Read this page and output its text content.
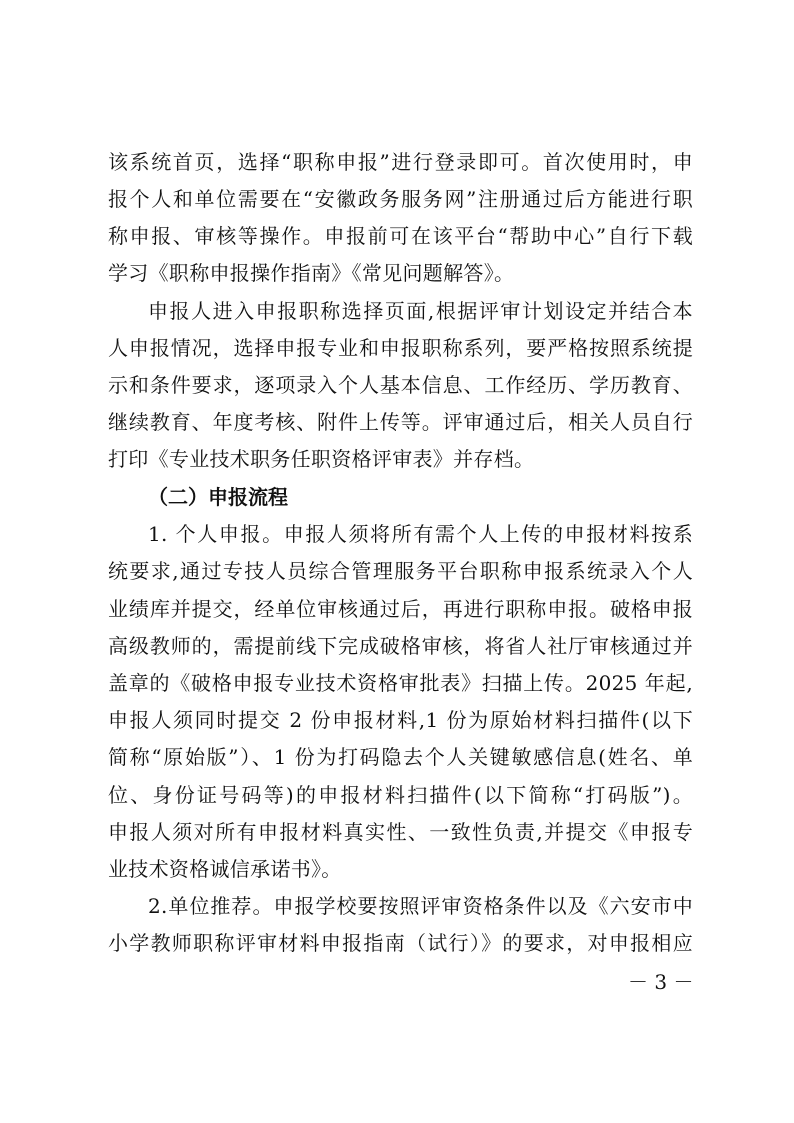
该系统首页，选择“职称申报”进行登录即可。首次使用时，申
报个人和单位需要在“安徽政务服务网”注册通过后方能进行职
称申报、审核等操作。申报前可在该平台“帮助中心”自行下载
学习《职称申报操作指南》《常见问题解答》。
申报人进入申报职称选择页面,根据评审计划设定并结合本
人申报情况，选择申报专业和申报职称系列，要严格按照系统提
示和条件要求，逐项录入个人基本信息、工作经历、学历教育、
继续教育、年度考核、附件上传等。评审通过后，相关人员自行
打印《专业技术职务任职资格评审表》并存档。
（二）申报流程
1. 个人申报。申报人须将所有需个人上传的申报材料按系
统要求,通过专技人员综合管理服务平台职称申报系统录入个人
业绩库并提交，经单位审核通过后，再进行职称申报。破格申报
高级教师的，需提前线下完成破格审核，将省人社厅审核通过并
盖章的《破格申报专业技术资格审批表》扫描上传。2025 年起,
申报人须同时提交 2 份申报材料,1 份为原始材料扫描件(以下
简称“原始版”）、1 份为打码隐去个人关键敏感信息(姓名、单
位、身份证号码等)的申报材料扫描件(以下简称“打码版”)。
申报人须对所有申报材料真实性、一致性负责,并提交《申报专
业技术资格诚信承诺书》。
2.单位推荐。申报学校要按照评审资格条件以及《六安市中
小学教师职称评审材料申报指南（试行）》的要求，对申报相应
－ 3 －
